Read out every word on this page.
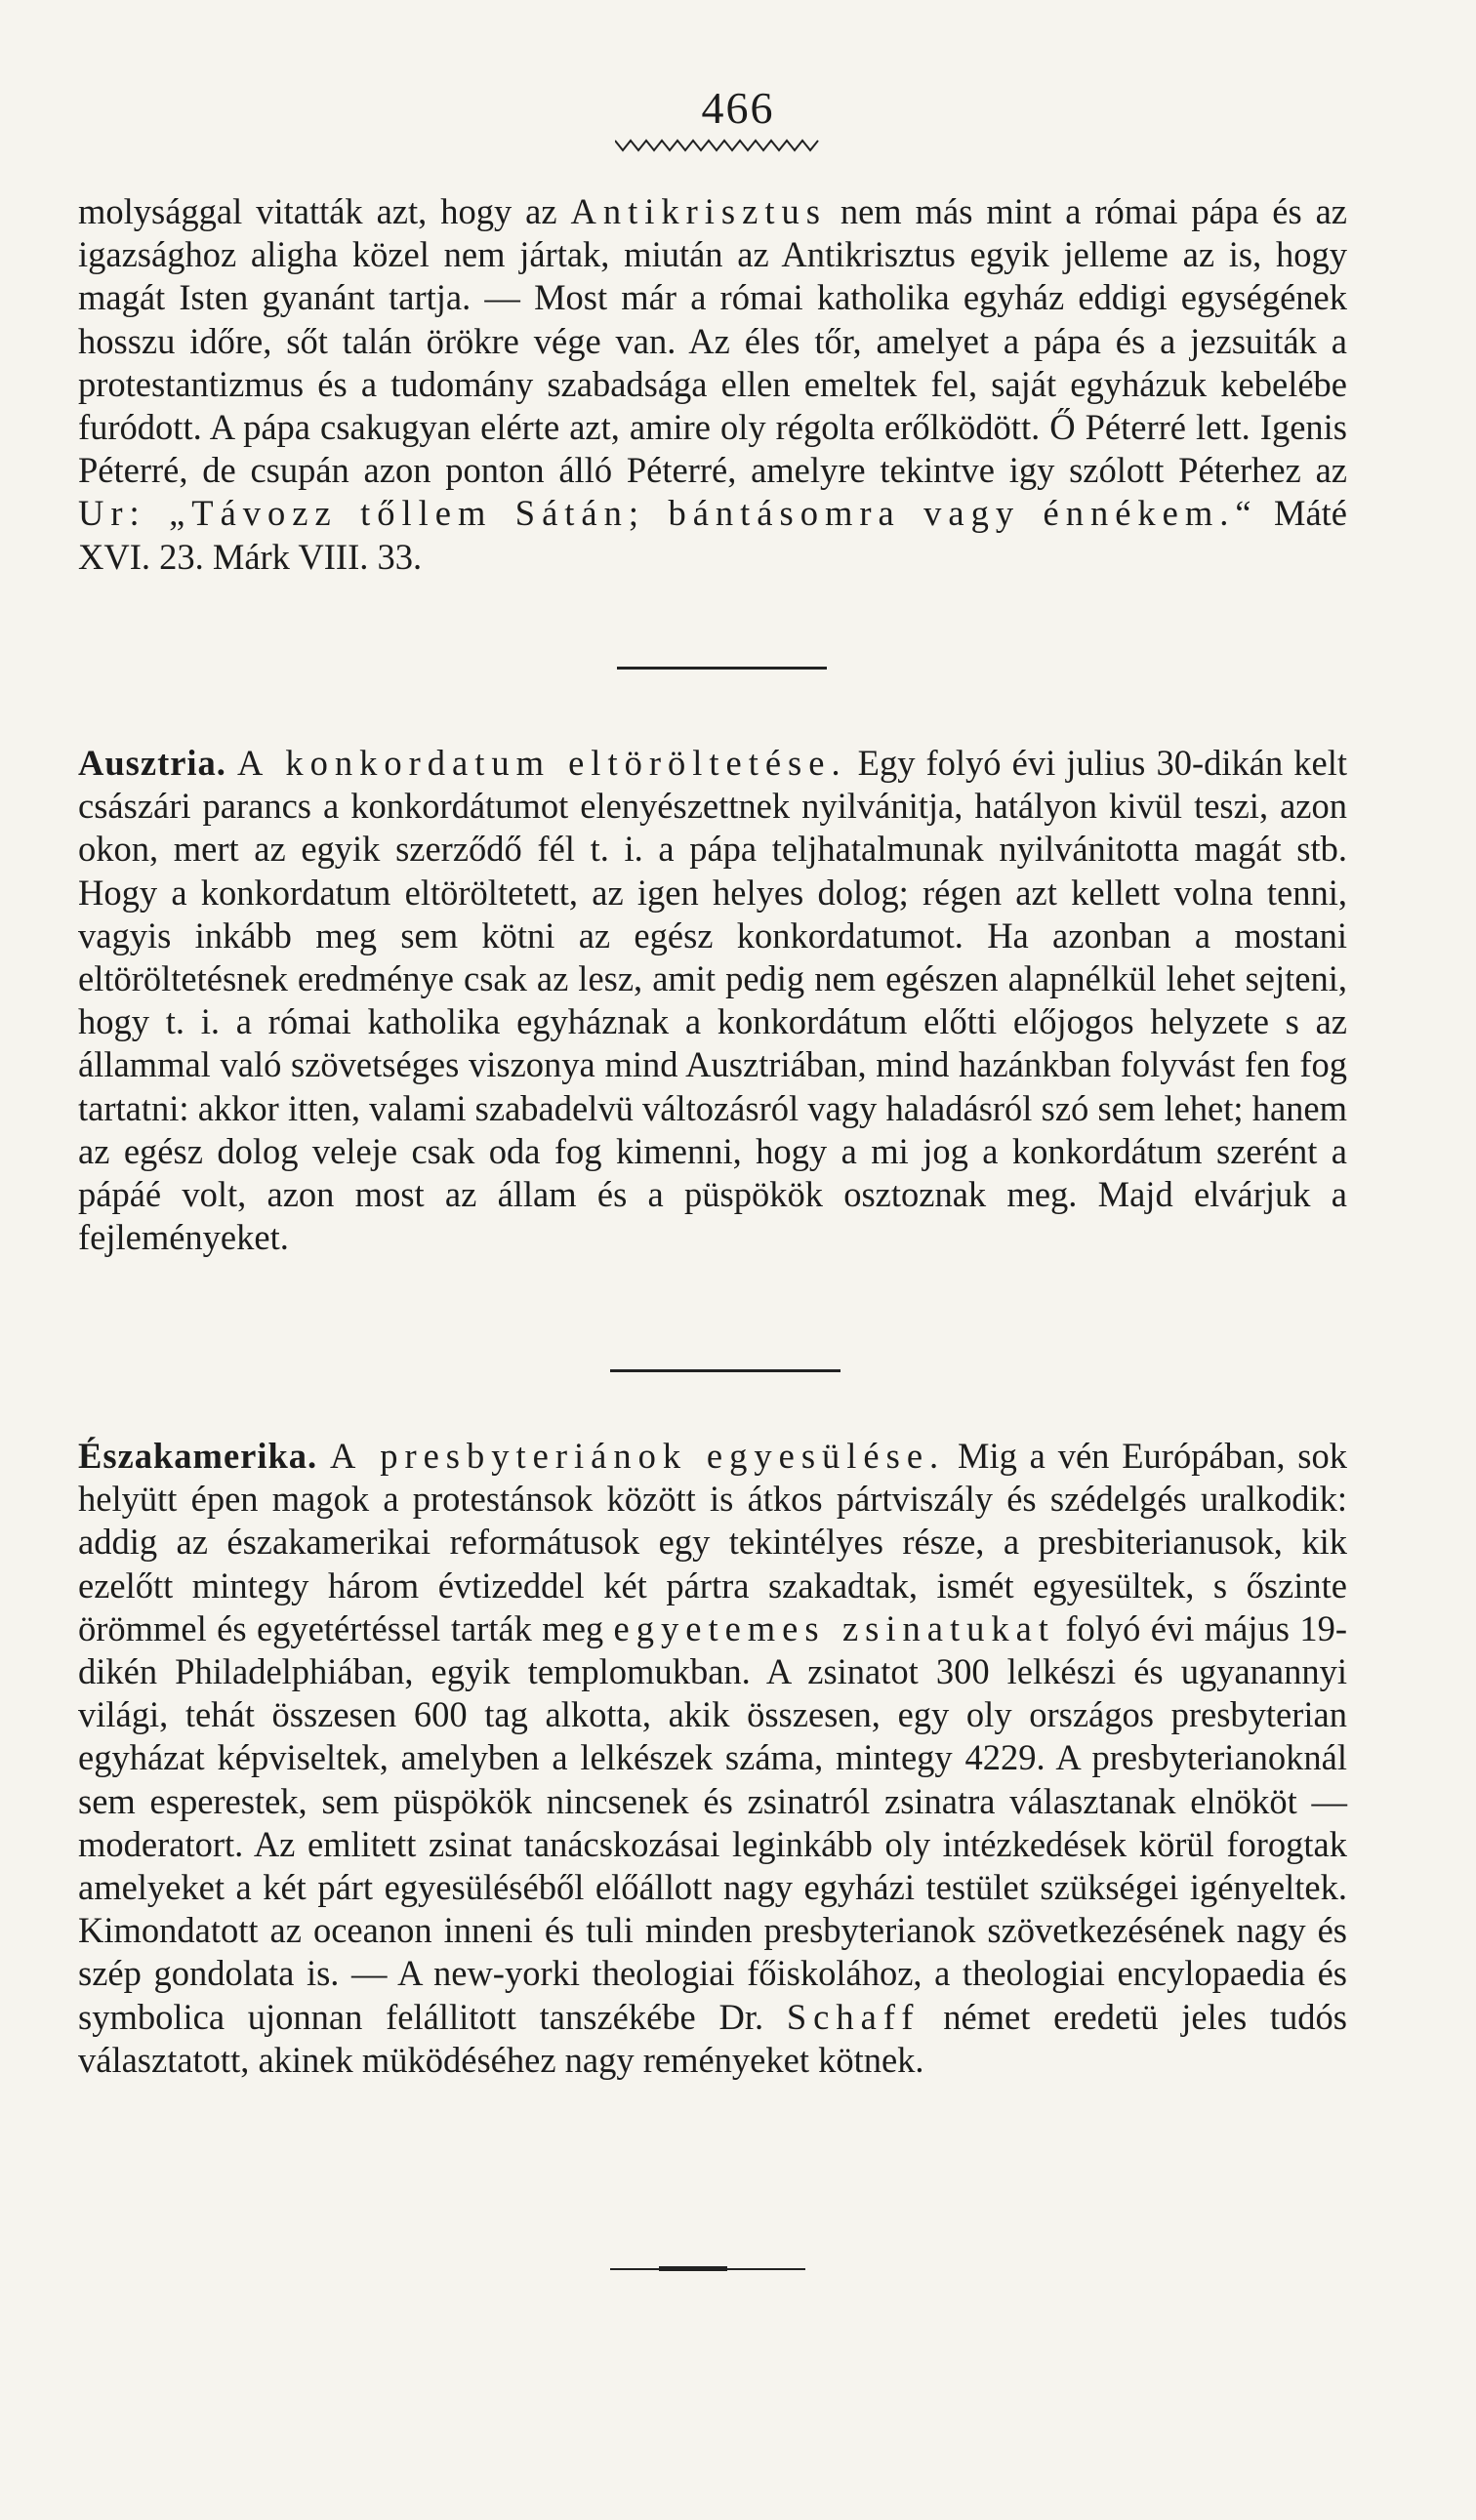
466

molysággal vitatták azt, hogy az Antikrisztus nem más mint a római pápa és az igazsághoz aligha közel nem jártak, miután az Antikrisztus egyik jelleme az is, hogy magát Isten gyanánt tartja. — Most már a római katholika egyház eddigi egységének hosszu időre, sőt talán örökre vége van. Az éles tőr, amelyet a pápa és a jezsuiták a protestantizmus és a tudomány szabadsága ellen emeltek fel, saját egyházuk kebelébe furódott. A pápa csakugyan elérte azt, amire oly régolta erőlködött. Ő Péterré lett. Igenis Péterré, de csupán azon ponton álló Péterré, amelyre tekintve igy szólott Péterhez az Ur: „Távozz tőllem Sátán; bántásomra vagy énnékem.“ Máté XVI. 23. Márk VIII. 33.

Ausztria. A konkordatum eltöröltetése. Egy folyó évi julius 30-dikán kelt császári parancs a konkordátumot elenyészettnek nyilvánitja, hatályon kivül teszi, azon okon, mert az egyik szerződő fél t. i. a pápa teljhatalmunak nyilvánitotta magát stb. Hogy a konkordatum eltöröltetett, az igen helyes dolog; régen azt kellett volna tenni, vagyis inkább meg sem kötni az egész konkordatumot. Ha azonban a mostani eltöröltetésnek eredménye csak az lesz, amit pedig nem egészen alapnélkül lehet sejteni, hogy t. i. a római katholika egyháznak a konkordátum előtti előjogos helyzete s az állammal való szövetséges viszonya mind Ausztriában, mind hazánkban folyvást fen fog tartatni: akkor itten, valami szabadelvü változásról vagy haladásról szó sem lehet; hanem az egész dolog veleje csak oda fog kimenni, hogy a mi jog a konkordátum szerént a pápáé volt, azon most az állam és a püspökök osztoznak meg. Majd elvárjuk a fejleményeket.

Északamerika. A presbyteriánok egyesülése. Mig a vén Európában, sok helyütt épen magok a protestánsok között is átkos pártviszály és szédelgés uralkodik: addig az északamerikai reformátusok egy tekintélyes része, a presbiterianusok, kik ezelőtt mintegy három évtizeddel két pártra szakadtak, ismét egyesültek, s őszinte örömmel és egyetértéssel tarták meg egyetemes zsinatukat folyó évi május 19-dikén Philadelphiában, egyik templomukban. A zsinatot 300 lelkészi és ugyanannyi világi, tehát összesen 600 tag alkotta, akik összesen, egy oly országos presbyterian egyházat képviseltek, amelyben a lelkészek száma, mintegy 4229. A presbyterianoknál sem esperestek, sem püspökök nincsenek és zsinatról zsinatra választanak elnököt — moderatort. Az emlitett zsinat tanácskozásai leginkább oly intézkedések körül forogtak amelyeket a két párt egyesüléséből előállott nagy egyházi testület szükségei igényeltek. Kimondatott az oceanon inneni és tuli minden presbyterianok szövetkezésének nagy és szép gondolata is. — A new-yorki theologiai főiskolához, a theologiai encylopaedia és symbolica ujonnan felállitott tanszékébe Dr. Schaff német eredetü jeles tudós választatott, akinek müködéséhez nagy reményeket kötnek.
